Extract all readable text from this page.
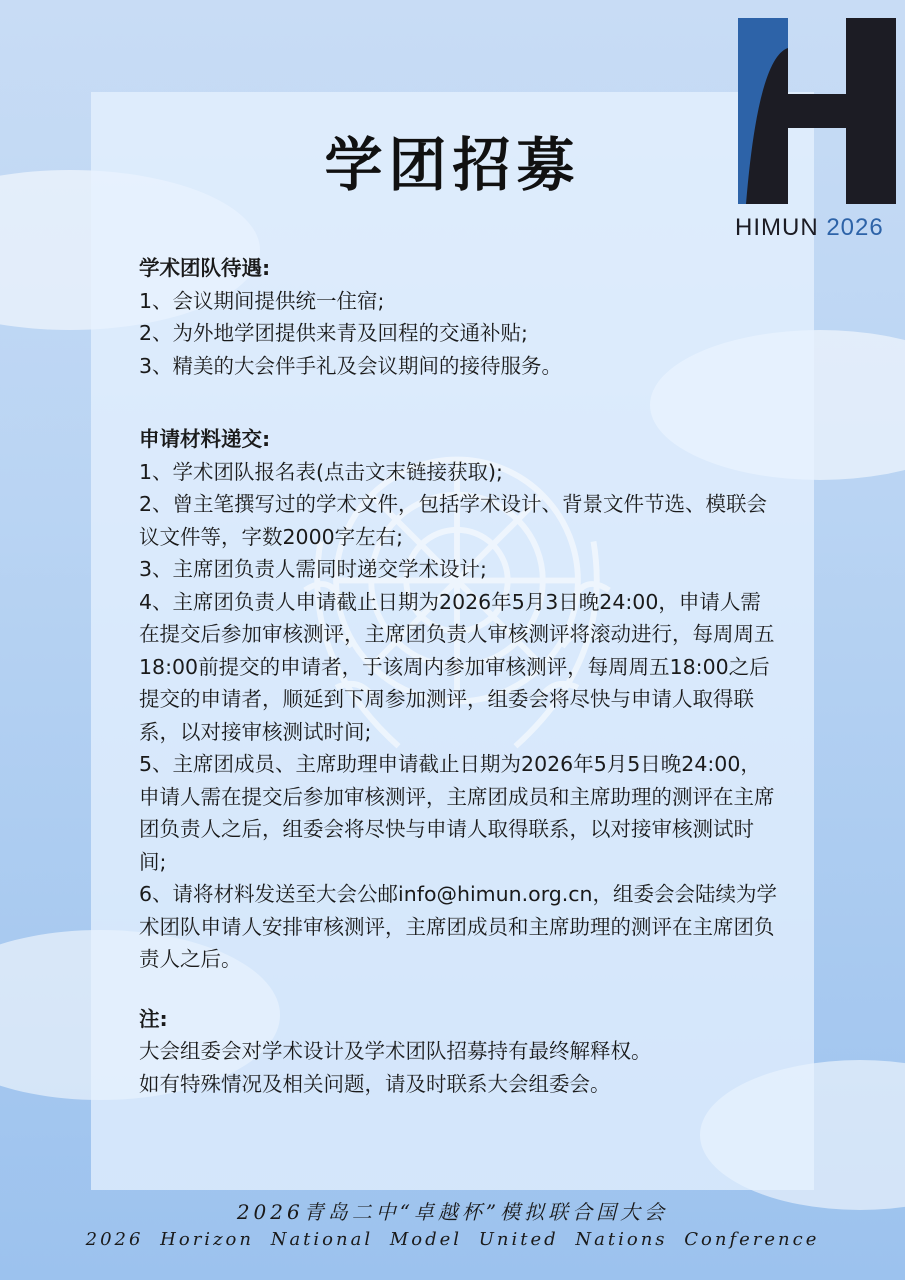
HIMUN 2026
学团招募

学术团队待遇:

1、会议期间提供统一住宿;

2、为外地学团提供来青及回程的交通补贴;

3、精美的大会伴手礼及会议期间的接待服务。

申请材料递交:

1、学术团队报名表(点击文末链接获取);

2、曾主笔撰写过的学术文件，包括学术设计、背景文件节选、模联会议文件等，字数2000字左右;

3、主席团负责人需同时递交学术设计;

4、主席团负责人申请截止日期为2026年5月3日晚24:00，申请人需在提交后参加审核测评，主席团负责人审核测评将滚动进行，每周周五18:00前提交的申请者，于该周内参加审核测评，每周周五18:00之后提交的申请者，顺延到下周参加测评，组委会将尽快与申请人取得联系，以对接审核测试时间;

5、主席团成员、主席助理申请截止日期为2026年5月5日晚24:00，申请人需在提交后参加审核测评，主席团成员和主席助理的测评在主席团负责人之后，组委会将尽快与申请人取得联系，以对接审核测试时间;

6、请将材料发送至大会公邮info@himun.org.cn，组委会会陆续为学术团队申请人安排审核测评，主席团成员和主席助理的测评在主席团负责人之后。

注:

大会组委会对学术设计及学术团队招募持有最终解释权。

如有特殊情况及相关问题，请及时联系大会组委会。

2026青岛二中“卓越杯”模拟联合国大会
2026 Horizon National Model United Nations Conference
